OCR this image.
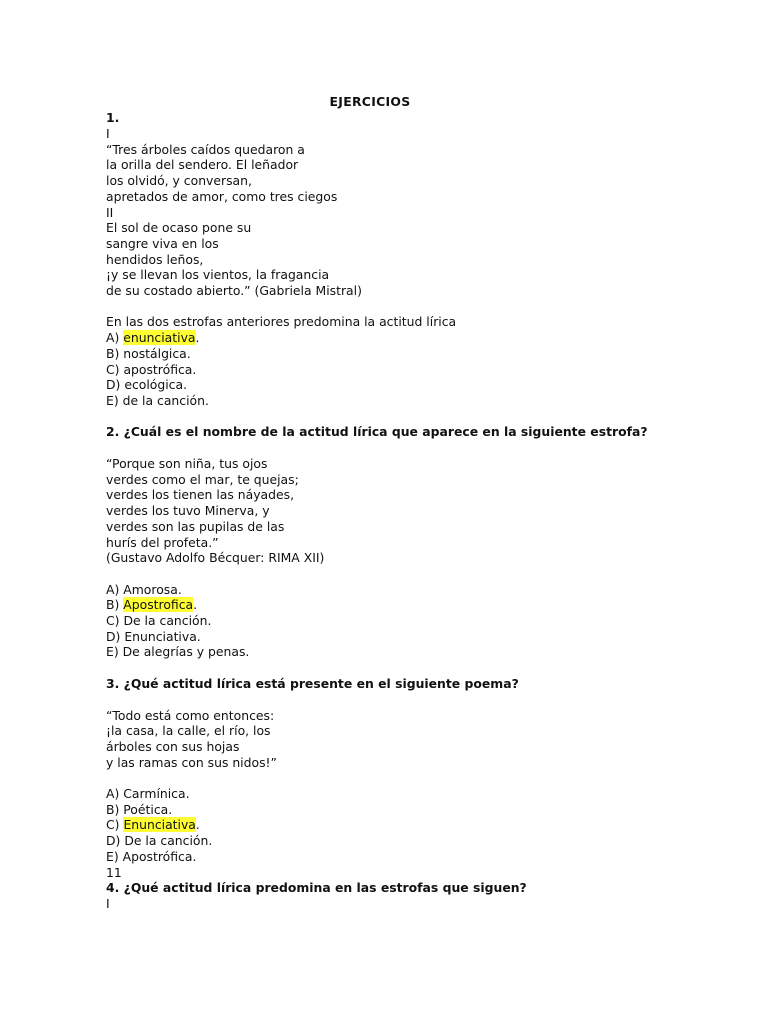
EJERCICIOS
1.
I
“Tres árboles caídos quedaron a
la orilla del sendero. El leñador
los olvidó, y conversan,
apretados de amor, como tres ciegos
II
El sol de ocaso pone su
sangre viva en los
hendidos leños,
¡y se llevan los vientos, la fragancia
de su costado abierto.” (Gabriela Mistral)
En las dos estrofas anteriores predomina la actitud lírica
A) enunciativa.
B) nostálgica.
C) apostrófica.
D) ecológica.
E) de la canción.
2. ¿Cuál es el nombre de la actitud lírica que aparece en la siguiente estrofa?
“Porque son niña, tus ojos
verdes como el mar, te quejas;
verdes los tienen las náyades,
verdes los tuvo Minerva, y
verdes son las pupilas de las
hurís del profeta.”
(Gustavo Adolfo Bécquer: RIMA XII)
A) Amorosa.
B) Apostrofica.
C) De la canción.
D) Enunciativa.
E) De alegrías y penas.
3. ¿Qué actitud lírica está presente en el siguiente poema?
“Todo está como entonces:
¡la casa, la calle, el río, los
árboles con sus hojas
y las ramas con sus nidos!”
A) Carmínica.
B) Poética.
C) Enunciativa.
D) De la canción.
E) Apostrófica.
11
4. ¿Qué actitud lírica predomina en las estrofas que siguen?
I
